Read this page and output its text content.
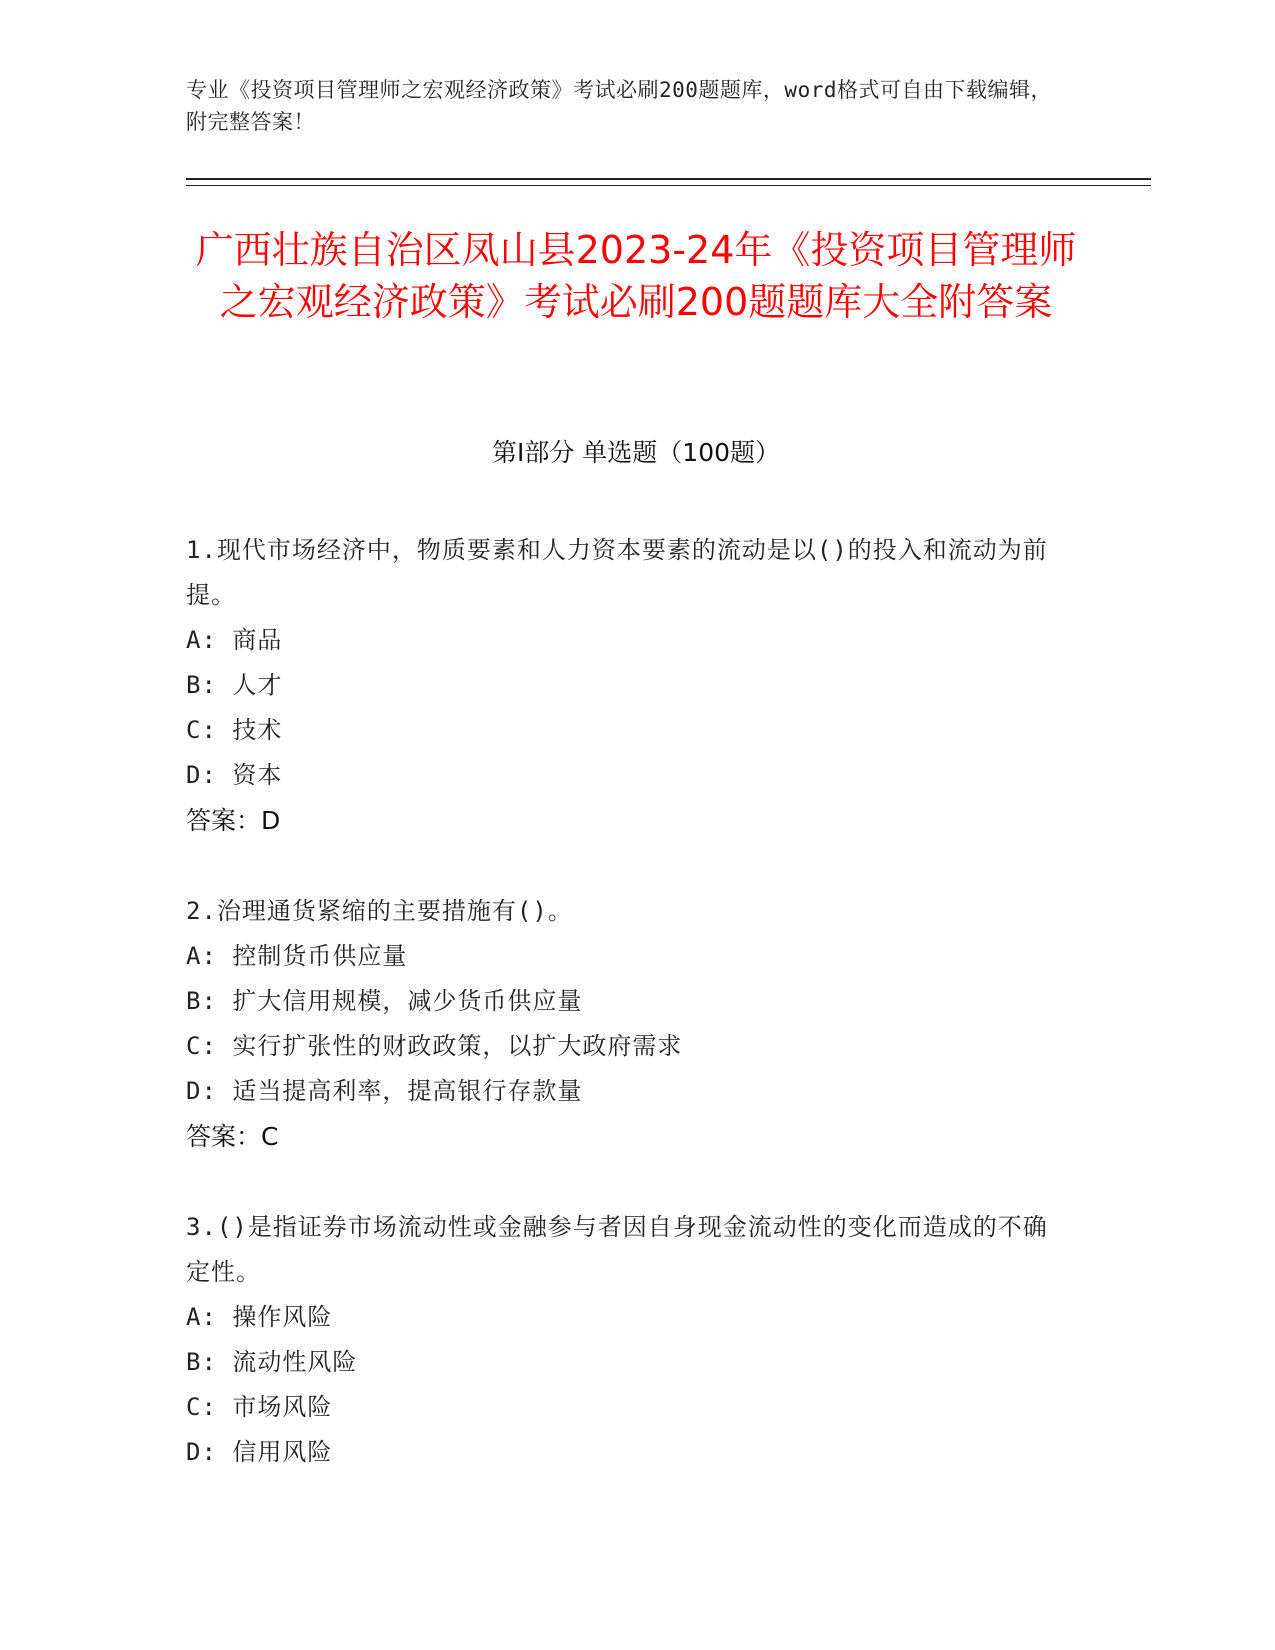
专业《投资项目管理师之宏观经济政策》考试必刷200题题库，word格式可自由下载编辑，附完整答案！
广西壮族自治区凤山县2023-24年《投资项目管理师之宏观经济政策》考试必刷200题题库大全附答案
第I部分 单选题（100题）
1.现代市场经济中，物质要素和人力资本要素的流动是以()的投入和流动为前提。
A: 商品
B: 人才
C: 技术
D: 资本
答案：D
2.治理通货紧缩的主要措施有()。
A: 控制货币供应量
B: 扩大信用规模，减少货币供应量
C: 实行扩张性的财政政策，以扩大政府需求
D: 适当提高利率，提高银行存款量
答案：C
3.()是指证券市场流动性或金融参与者因自身现金流动性的变化而造成的不确定性。
A: 操作风险
B: 流动性风险
C: 市场风险
D: 信用风险
